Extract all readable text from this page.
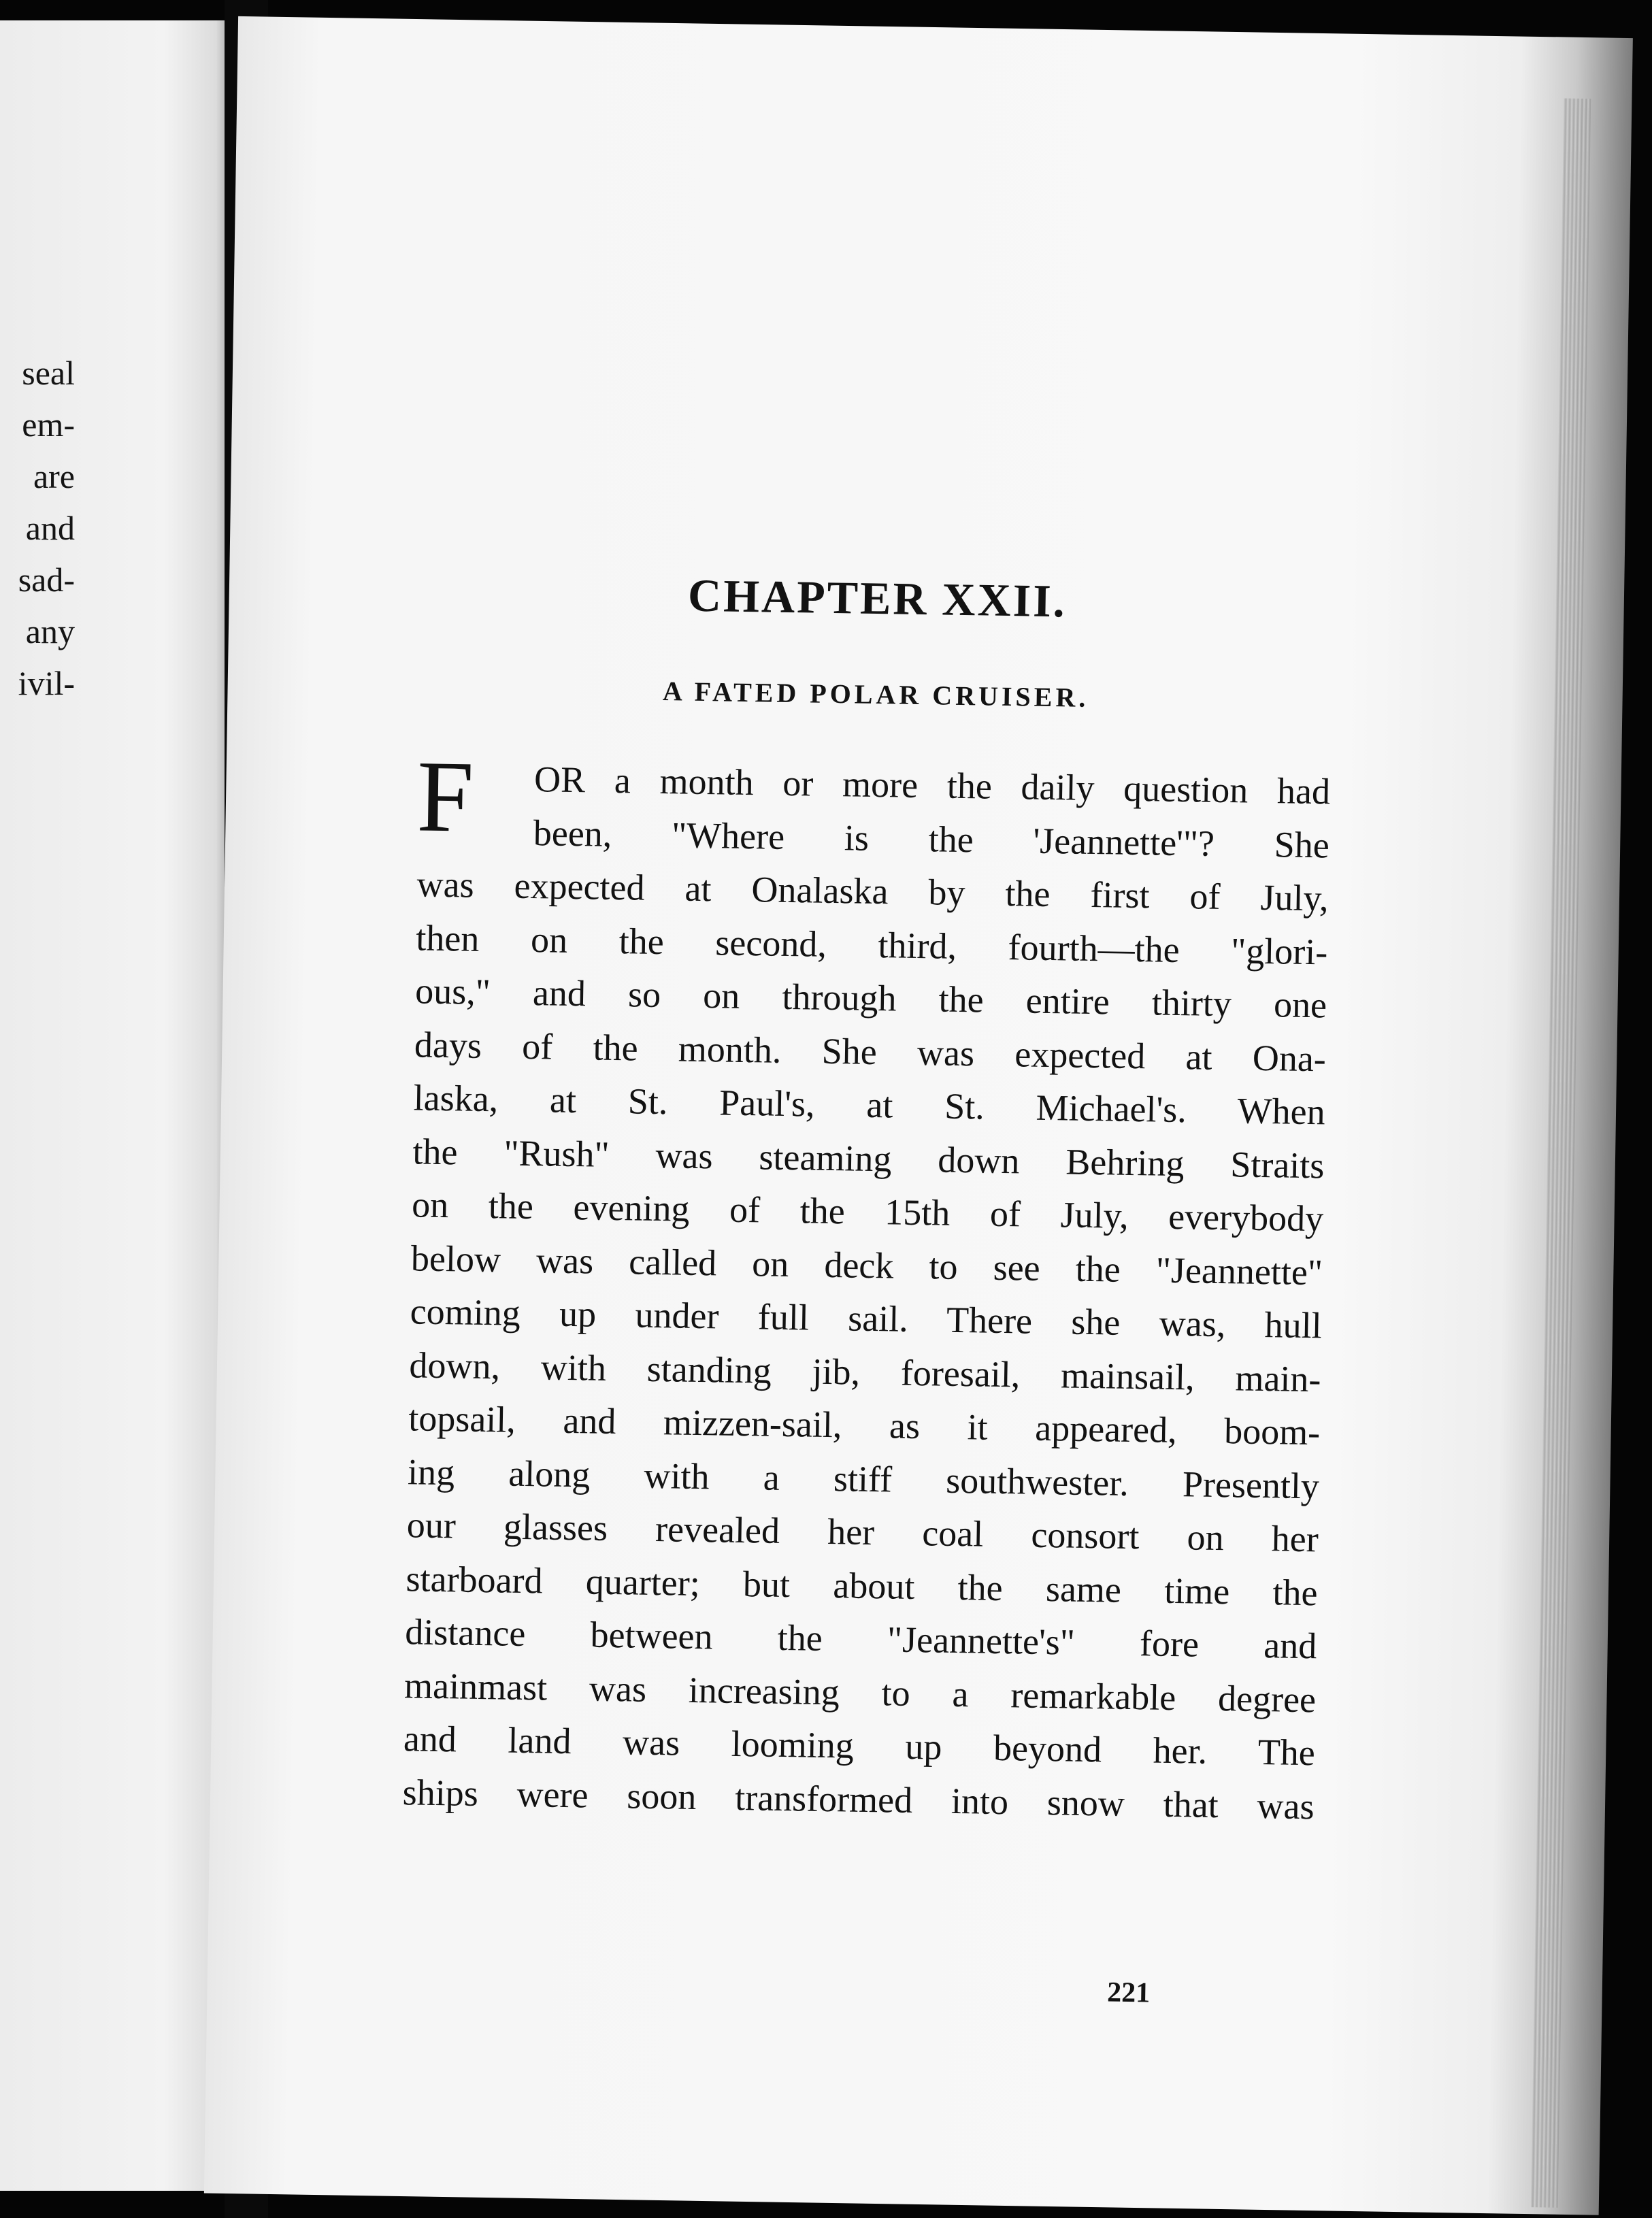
seal
em-
are
and
sad-
any
ivil-
CHAPTER XXII.
A FATED POLAR CRUISER.
F	OR a month or more the daily question had
been, "Where is the 'Jeannette'"? She
was expected at Onalaska by the first of July,
then on the second, third, fourth—the "glori-
ous," and so on through the entire thirty one
days of the month. She was expected at Ona-
laska, at St. Paul's, at St. Michael's. When
the "Rush" was steaming down Behring Straits
on the evening of the 15th of July, everybody
below was called on deck to see the "Jeannette"
coming up under full sail. There she was, hull
down, with standing jib, foresail, mainsail, main-
topsail, and mizzen-sail, as it appeared, boom-
ing along with a stiff southwester. Presently
our glasses revealed her coal consort on her
starboard quarter; but about the same time the
distance between the "Jeannette's" fore and
mainmast was increasing to a remarkable degree
and land was looming up beyond her. The
ships were soon transformed into snow that was
221
